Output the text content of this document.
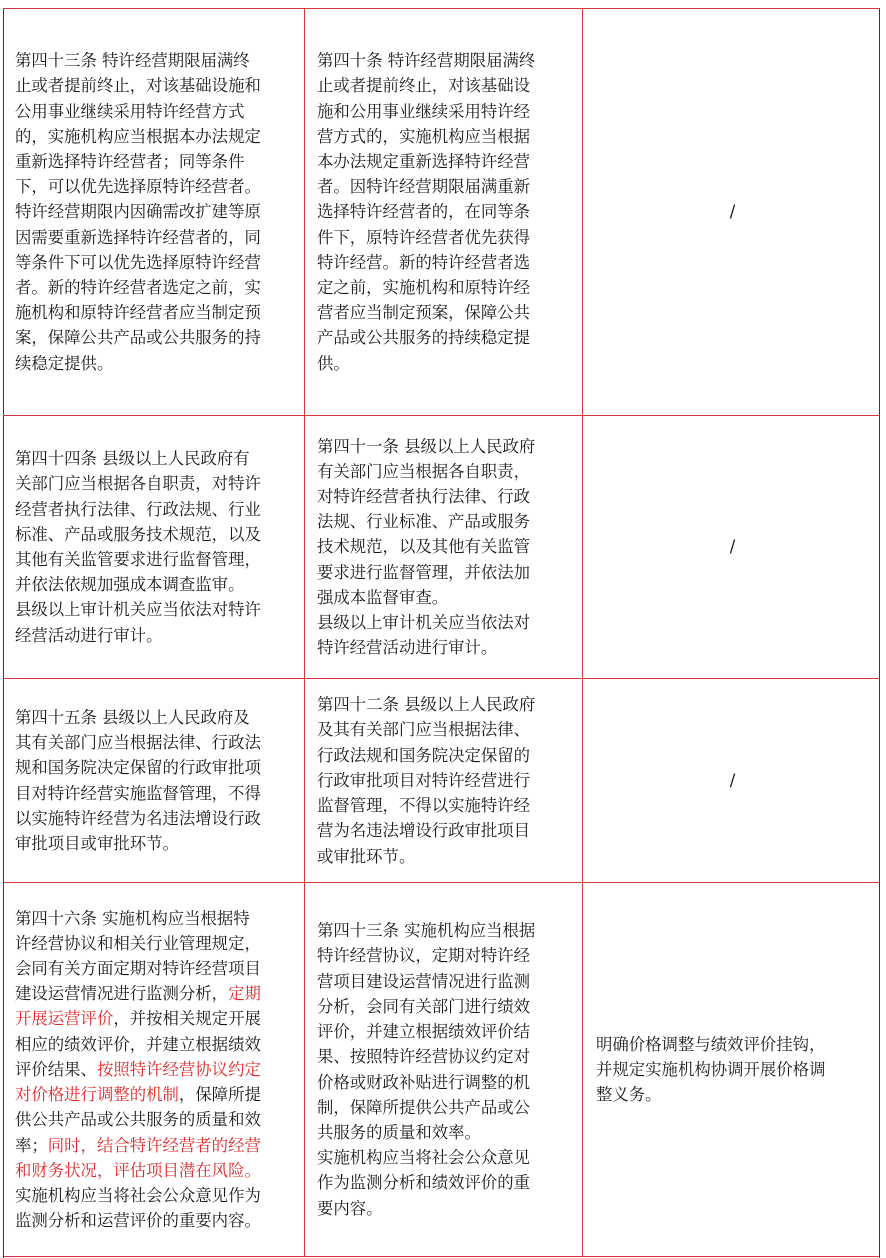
第四十三条 特许经营期限届满终
止或者提前终止，对该基础设施和
公用事业继续采用特许经营方式
的，实施机构应当根据本办法规定
重新选择特许经营者；同等条件
下，可以优先选择原特许经营者。
特许经营期限内因确需改扩建等原
因需要重新选择特许经营者的，同
等条件下可以优先选择原特许经营
者。新的特许经营者选定之前，实
施机构和原特许经营者应当制定预
案，保障公共产品或公共服务的持
续稳定提供。
第四十条 特许经营期限届满终
止或者提前终止，对该基础设
施和公用事业继续采用特许经
营方式的，实施机构应当根据
本办法规定重新选择特许经营
者。因特许经营期限届满重新
选择特许经营者的，在同等条
件下，原特许经营者优先获得
特许经营。新的特许经营者选
定之前，实施机构和原特许经
营者应当制定预案，保障公共
产品或公共服务的持续稳定提
供。
/
第四十四条 县级以上人民政府有
关部门应当根据各自职责，对特许
经营者执行法律、行政法规、行业
标准、产品或服务技术规范，以及
其他有关监管要求进行监督管理，
并依法依规加强成本调查监审。
县级以上审计机关应当依法对特许
经营活动进行审计。
第四十一条 县级以上人民政府
有关部门应当根据各自职责，
对特许经营者执行法律、行政
法规、行业标准、产品或服务
技术规范，以及其他有关监管
要求进行监督管理，并依法加
强成本监督审查。
县级以上审计机关应当依法对
特许经营活动进行审计。
/
第四十五条 县级以上人民政府及
其有关部门应当根据法律、行政法
规和国务院决定保留的行政审批项
目对特许经营实施监督管理，不得
以实施特许经营为名违法增设行政
审批项目或审批环节。
第四十二条 县级以上人民政府
及其有关部门应当根据法律、
行政法规和国务院决定保留的
行政审批项目对特许经营进行
监督管理，不得以实施特许经
营为名违法增设行政审批项目
或审批环节。
/
第四十六条 实施机构应当根据特
许经营协议和相关行业管理规定，
会同有关方面定期对特许经营项目
建设运营情况进行监测分析，定期
开展运营评价，并按相关规定开展
相应的绩效评价，并建立根据绩效
评价结果、按照特许经营协议约定
对价格进行调整的机制，保障所提
供公共产品或公共服务的质量和效
率；同时，结合特许经营者的经营
和财务状况，评估项目潜在风险。
实施机构应当将社会公众意见作为
监测分析和运营评价的重要内容。
第四十三条 实施机构应当根据
特许经营协议，定期对特许经
营项目建设运营情况进行监测
分析，会同有关部门进行绩效
评价，并建立根据绩效评价结
果、按照特许经营协议约定对
价格或财政补贴进行调整的机
制，保障所提供公共产品或公
共服务的质量和效率。
实施机构应当将社会公众意见
作为监测分析和绩效评价的重
要内容。
明确价格调整与绩效评价挂钩，
并规定实施机构协调开展价格调
整义务。
